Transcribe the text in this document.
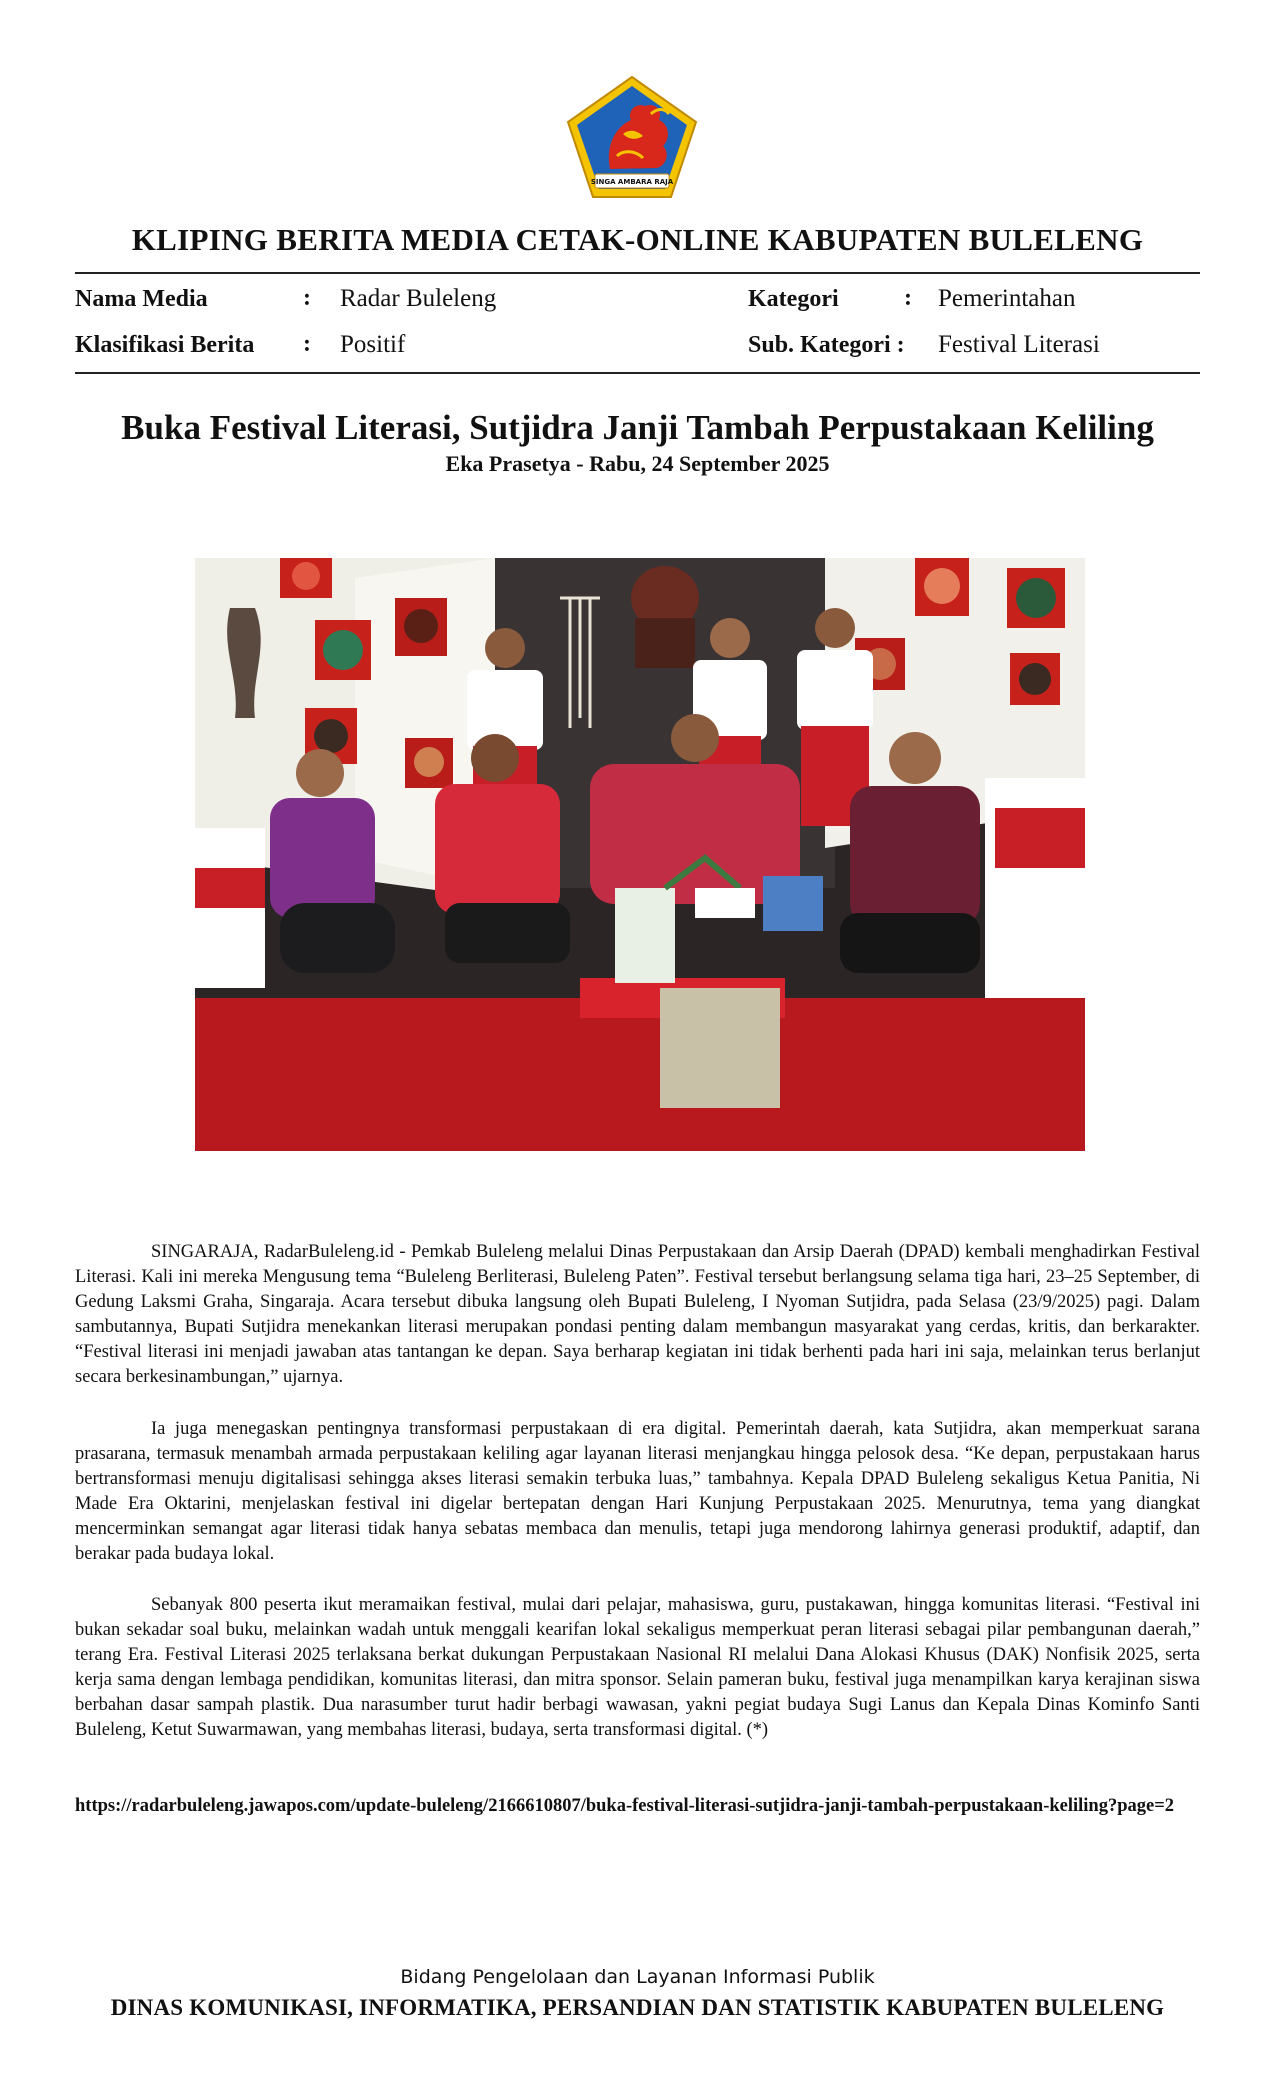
SINGA AMBARA RAJA
KLIPING BERITA MEDIA CETAK-ONLINE KABUPATEN BULELENG
Nama Media	: Radar Buleleng
Klasifikasi Berita : Positif
Kategori	: Pemerintahan
Sub. Kategori : Festival Literasi
Buka Festival Literasi, Sutjidra Janji Tambah Perpustakaan Keliling
Eka Prasetya - Rabu, 24 September 2025

SINGARAJA, RadarBuleleng.id - Pemkab Buleleng melalui Dinas Perpustakaan dan Arsip Daerah (DPAD) kembali menghadirkan Festival Literasi. Kali ini mereka Mengusung tema “Buleleng Berliterasi, Buleleng Paten”. Festival tersebut berlangsung selama tiga hari, 23–25 September, di Gedung Laksmi Graha, Singaraja. Acara tersebut dibuka langsung oleh Bupati Buleleng, I Nyoman Sutjidra, pada Selasa (23/9/2025) pagi. Dalam sambutannya, Bupati Sutjidra menekankan literasi merupakan pondasi penting dalam membangun masyarakat yang cerdas, kritis, dan berkarakter. “Festival literasi ini menjadi jawaban atas tantangan ke depan. Saya berharap kegiatan ini tidak berhenti pada hari ini saja, melainkan terus berlanjut secara berkesinambungan,” ujarnya.

Ia juga menegaskan pentingnya transformasi perpustakaan di era digital. Pemerintah daerah, kata Sutjidra, akan memperkuat sarana prasarana, termasuk menambah armada perpustakaan keliling agar layanan literasi menjangkau hingga pelosok desa. “Ke depan, perpustakaan harus bertransformasi menuju digitalisasi sehingga akses literasi semakin terbuka luas,” tambahnya. Kepala DPAD Buleleng sekaligus Ketua Panitia, Ni Made Era Oktarini, menjelaskan festival ini digelar bertepatan dengan Hari Kunjung Perpustakaan 2025. Menurutnya, tema yang diangkat mencerminkan semangat agar literasi tidak hanya sebatas membaca dan menulis, tetapi juga mendorong lahirnya generasi produktif, adaptif, dan berakar pada budaya lokal.

Sebanyak 800 peserta ikut meramaikan festival, mulai dari pelajar, mahasiswa, guru, pustakawan, hingga komunitas literasi. “Festival ini bukan sekadar soal buku, melainkan wadah untuk menggali kearifan lokal sekaligus memperkuat peran literasi sebagai pilar pembangunan daerah,” terang Era. Festival Literasi 2025 terlaksana berkat dukungan Perpustakaan Nasional RI melalui Dana Alokasi Khusus (DAK) Nonfisik 2025, serta kerja sama dengan lembaga pendidikan, komunitas literasi, dan mitra sponsor. Selain pameran buku, festival juga menampilkan karya kerajinan siswa berbahan dasar sampah plastik. Dua narasumber turut hadir berbagi wawasan, yakni pegiat budaya Sugi Lanus dan Kepala Dinas Kominfo Santi Buleleng, Ketut Suwarmawan, yang membahas literasi, budaya, serta transformasi digital. (*)

https://radarbuleleng.jawapos.com/update-buleleng/2166610807/buka-festival-literasi-sutjidra-janji-tambah-perpustakaan-keliling?page=2
Bidang Pengelolaan dan Layanan Informasi Publik
DINAS KOMUNIKASI, INFORMATIKA, PERSANDIAN DAN STATISTIK KABUPATEN BULELENG
